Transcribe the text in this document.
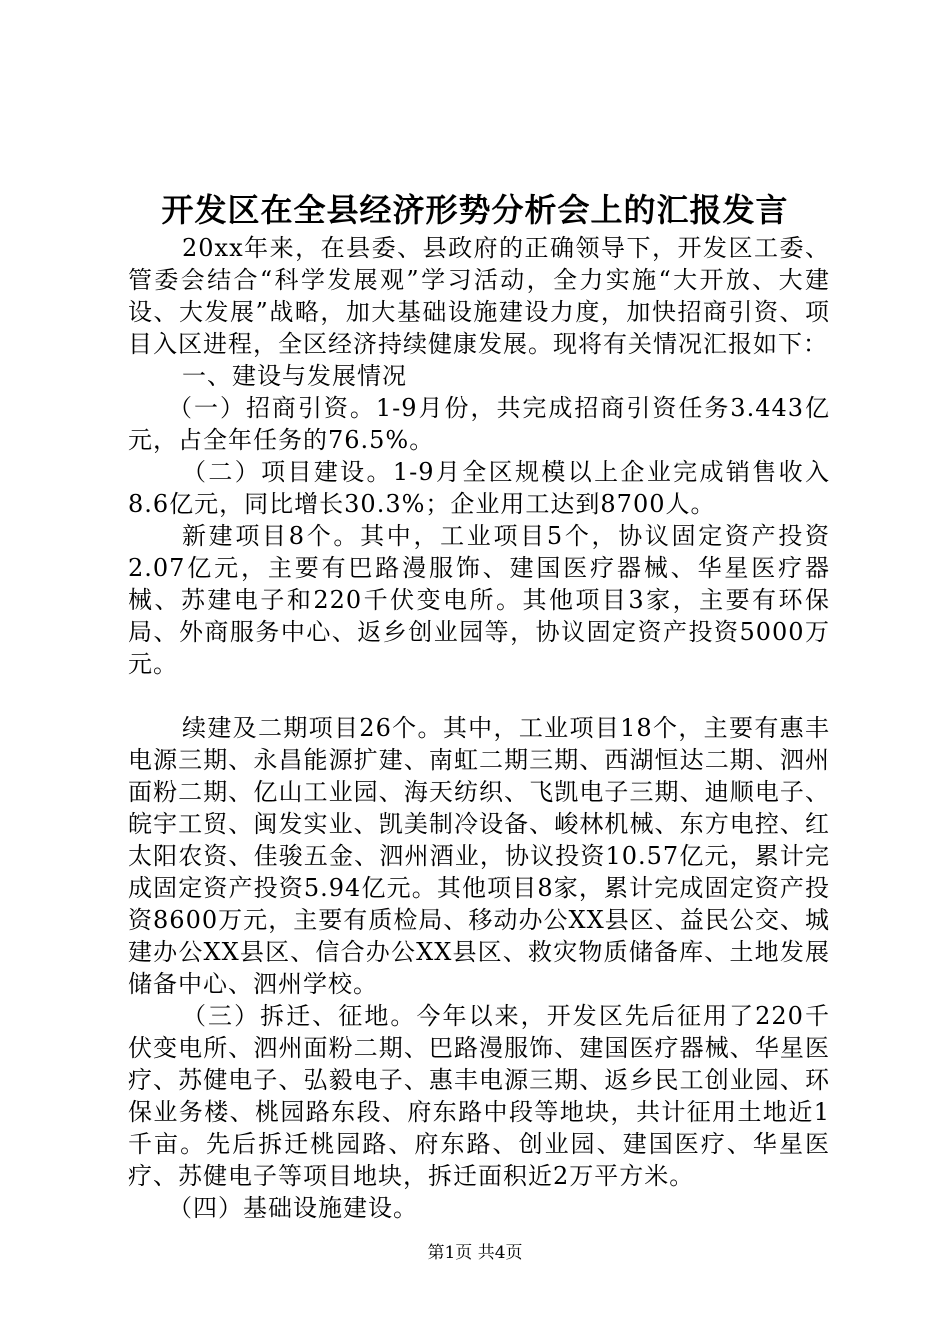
开发区在全县经济形势分析会上的汇报发言

20xx年来，在县委、县政府的正确领导下，开发区工委、管委会结合“科学发展观”学习活动，全力实施“大开放、大建设、大发展”战略，加大基础设施建设力度，加快招商引资、项目入区进程，全区经济持续健康发展。现将有关情况汇报如下：

一、建设与发展情况

（一）招商引资。1-9月份，共完成招商引资任务3.443亿元，占全年任务的76.5%。

（二）项目建设。1-9月全区规模以上企业完成销售收入8.6亿元，同比增长30.3%；企业用工达到8700人。

新建项目8个。其中，工业项目5个，协议固定资产投资2.07亿元，主要有巴路漫服饰、建国医疗器械、华星医疗器械、苏建电子和220千伏变电所。其他项目3家，主要有环保局、外商服务中心、返乡创业园等，协议固定资产投资5000万元。

续建及二期项目26个。其中，工业项目18个，主要有惠丰电源三期、永昌能源扩建、南虹二期三期、西湖恒达二期、泗州面粉二期、亿山工业园、海天纺织、飞凯电子三期、迪顺电子、皖宇工贸、闽发实业、凯美制冷设备、峻林机械、东方电控、红太阳农资、佳骏五金、泗州酒业，协议投资10.57亿元，累计完成固定资产投资5.94亿元。其他项目8家，累计完成固定资产投资8600万元，主要有质检局、移动办公XX县区、益民公交、城建办公XX县区、信合办公XX县区、救灾物质储备库、土地发展储备中心、泗州学校。

（三）拆迁、征地。今年以来，开发区先后征用了220千伏变电所、泗州面粉二期、巴路漫服饰、建国医疗器械、华星医疗、苏健电子、弘毅电子、惠丰电源三期、返乡民工创业园、环保业务楼、桃园路东段、府东路中段等地块，共计征用土地近1千亩。先后拆迁桃园路、府东路、创业园、建国医疗、华星医疗、苏健电子等项目地块，拆迁面积近2万平方米。

（四）基础设施建设。

第1页 共4页
